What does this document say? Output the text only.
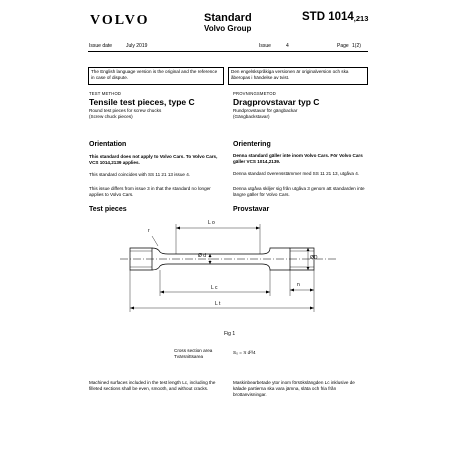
VOLVO	Standard
Volvo Group
STD $1014_{,213}$
Issue date	July 2019	Issue	4	Page 1(2)
The English language version is the original and the reference in case of dispute.
Den engelskspråkiga versionen är originalversion och ska åberopas i händelse av tvist.
TEST METHOD
Tensile test pieces, type C
Round test pieces for screw chucks
(Screw chuck pieces)
Orientation
This standard does not apply to Volvo Cars. To Volvo Cars, VCS 1014,2139 applies.
This standard coincides with SS 11 21 13 issue 4.
This issue differs from issue 3 in that the standard no longer applies to Volvo Cars.
Test pieces
PROVNINGSMETOD
Dragprovstavar typ C
Rundprovstavar för gängbackar
(Gängbackstavar)
Orientering
Denna standard gäller inte inom Volvo Cars. För Volvo Cars gäller VCS 1014,2139.
Denna standard överensstämmer med SS 11 21 13, utgåva 4.
Denna utgåva skiljer sig från utgåva 3 genom att standarden inte längre gäller för Volvo Cars.
Provstavar
r
L o
Ø d	ØD
L c	n
L t
Fig 1
Cross section area
Tvärsnittsarea
S₀ = π d²/4
Machined surfaces included in the test length Lc, including the filleted sections shall be even, smooth, and without cracks.
Maskinbearbetade ytor inom försökslängden Lc inklusive de kälade partierna ska vara jämna, släta och fria från brottanvisningar.
